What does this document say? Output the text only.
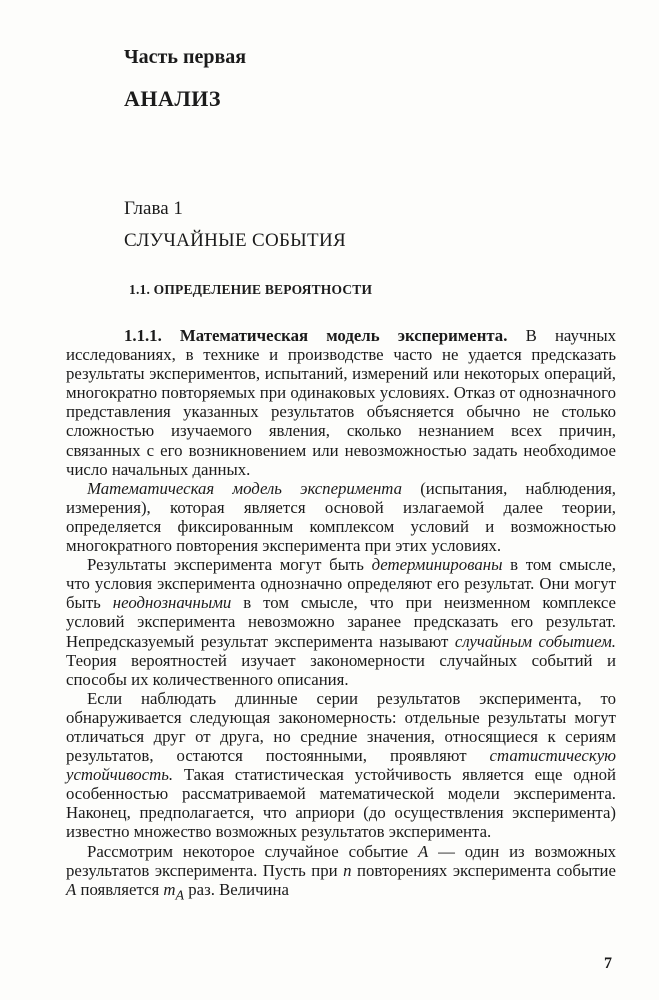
Часть первая
АНАЛИЗ
Глава 1
СЛУЧАЙНЫЕ СОБЫТИЯ
1.1. ОПРЕДЕЛЕНИЕ ВЕРОЯТНОСТИ

1.1.1. Математическая модель эксперимента. В научных исследованиях, в технике и производстве часто не удается предсказать результаты экспериментов, испытаний, измерений или некоторых операций, многократно повторяемых при одинаковых условиях. Отказ от однозначного представления указанных результатов объясняется обычно не столько сложностью изучаемого явления, сколько незнанием всех причин, связанных с его возникновением или невозможностью задать необходимое число начальных данных.

Математическая модель эксперимента (испытания, наблюдения, измерения), которая является основой излагаемой далее теории, определяется фиксированным комплексом условий и возможностью многократного повторения эксперимента при этих условиях.

Результаты эксперимента могут быть детерминированы в том смысле, что условия эксперимента однозначно определяют его результат. Они могут быть неоднозначными в том смысле, что при неизменном комплексе условий эксперимента невозможно заранее предсказать его результат. Непредсказуемый результат эксперимента называют случайным событием. Теория вероятностей изучает закономерности случайных событий и способы их количественного описания.

Если наблюдать длинные серии результатов эксперимента, то обнаруживается следующая закономерность: отдельные результаты могут отличаться друг от друга, но средние значения, относящиеся к сериям результатов, остаются постоянными, проявляют статистическую устойчивость. Такая статистическая устойчивость является еще одной особенностью рассматриваемой математической модели эксперимента. Наконец, предполагается, что априори (до осуществления эксперимента) известно множество возможных результатов эксперимента.

Рассмотрим некоторое случайное событие A — один из возможных результатов эксперимента. Пусть при n повторениях эксперимента событие A появляется $m_A$ раз. Величина

7
